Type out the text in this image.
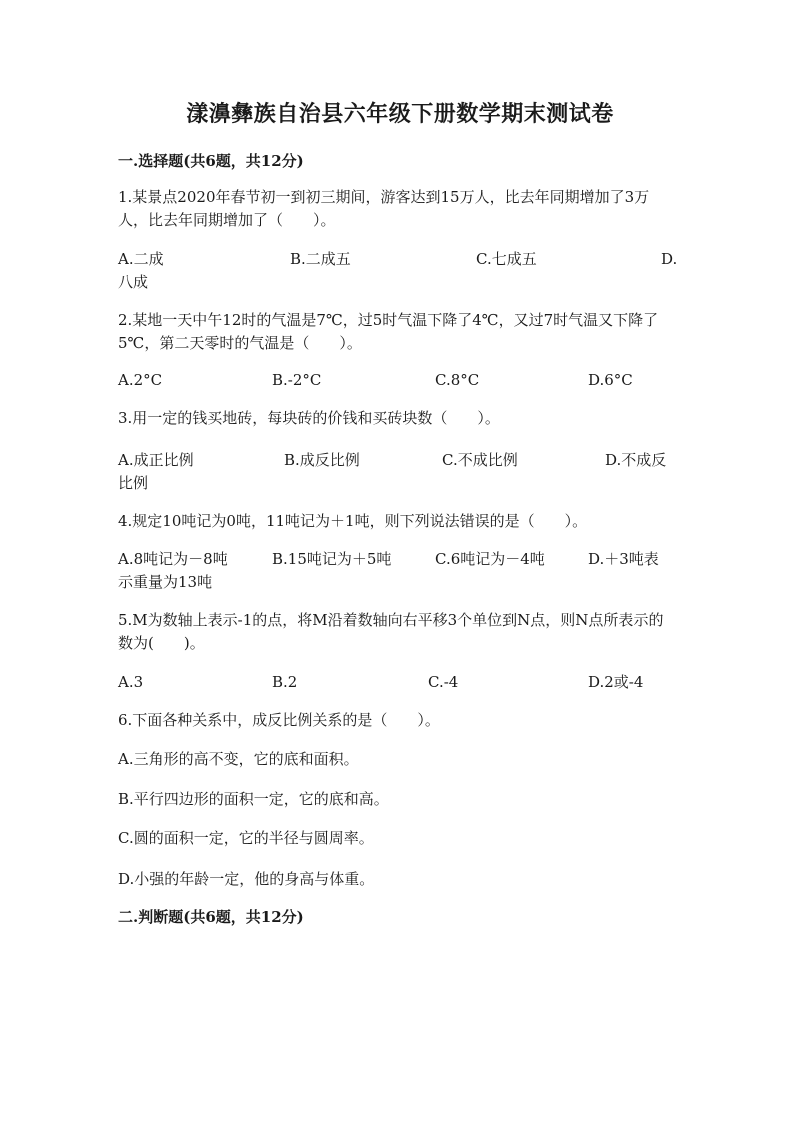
漾濞彝族自治县六年级下册数学期末测试卷
一.选择题(共6题，共12分)
1.某景点2020年春节初一到初三期间，游客达到15万人，比去年同期增加了3万人，比去年同期增加了（　　）。
A.二成	B.二成五	C.七成五	D.
八成
2.某地一天中午12时的气温是7℃，过5时气温下降了4℃，又过7时气温又下降了5℃，第二天零时的气温是（　　）。
A.2°C	B.-2°C	C.8°C	D.6°C
3.用一定的钱买地砖，每块砖的价钱和买砖块数（　　）。
A.成正比例	B.成反比例	C.不成比例	D.不成反
比例
4.规定10吨记为0吨，11吨记为＋1吨，则下列说法错误的是（　　）。
A.8吨记为－8吨	B.15吨记为＋5吨	C.6吨记为－4吨	D.＋3吨表
示重量为13吨
5.M为数轴上表示-1的点，将M沿着数轴向右平移3个单位到N点，则N点所表示的数为(　　)。
A.3	B.2	C.-4	D.2或-4
6.下面各种关系中，成反比例关系的是（　　）。
A.三角形的高不变，它的底和面积。
B.平行四边形的面积一定，它的底和高。
C.圆的面积一定，它的半径与圆周率。
D.小强的年龄一定，他的身高与体重。
二.判断题(共6题，共12分)
